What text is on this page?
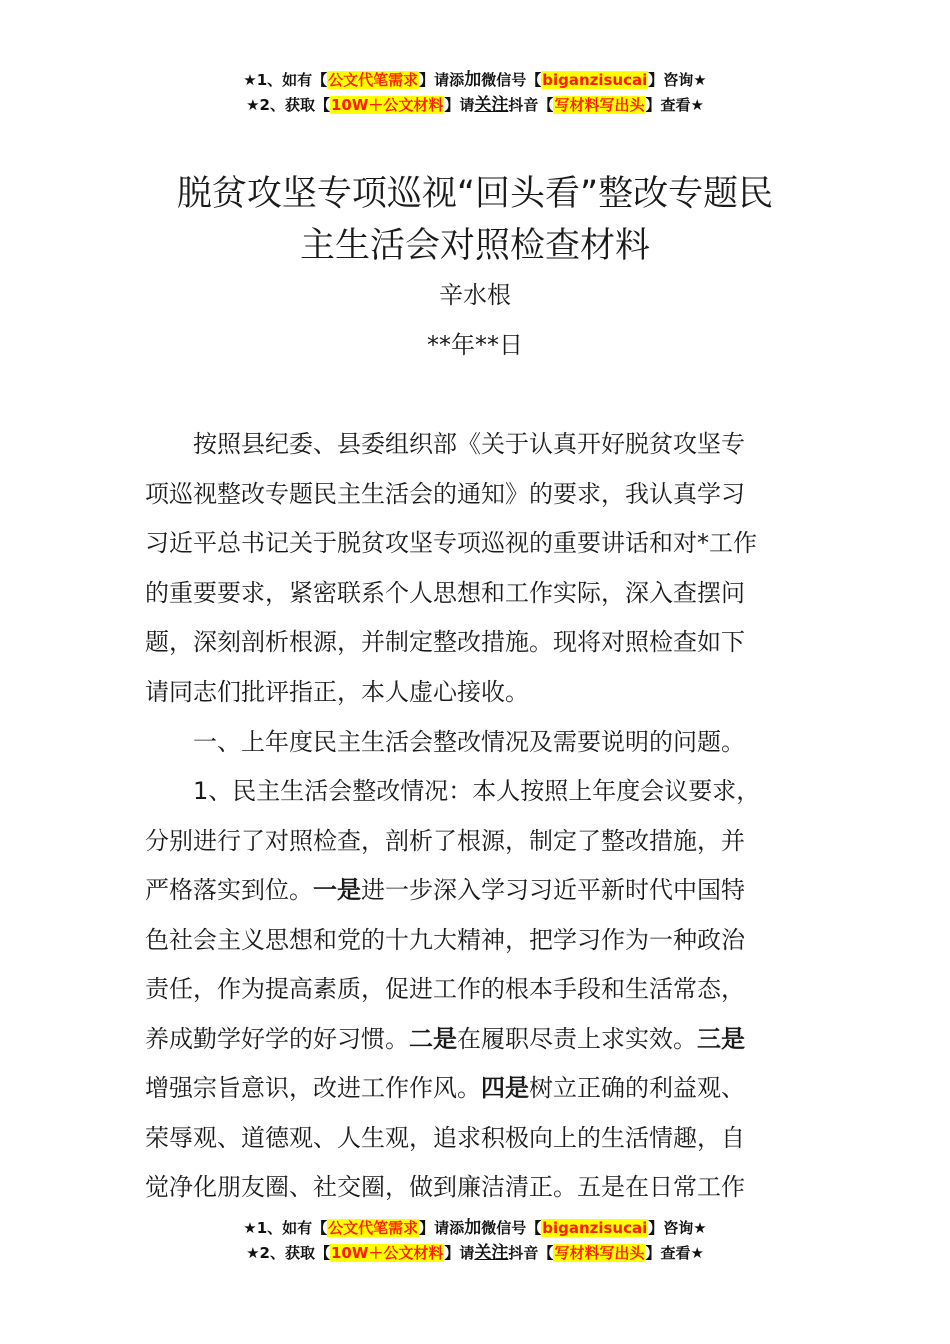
★1、如有【公文代笔需求】请添加微信号【biganzisucai】咨询★
★2、获取【10W＋公文材料】请关注抖音【写材料写出头】查看★
脱贫攻坚专项巡视“回头看”整改专题民
主生活会对照检查材料
辛水根
**年**日
　　按照县纪委、县委组织部《关于认真开好脱贫攻坚专
项巡视整改专题民主生活会的通知》的要求，我认真学习
习近平总书记关于脱贫攻坚专项巡视的重要讲话和对*工作
的重要要求，紧密联系个人思想和工作实际，深入查摆问
题，深刻剖析根源，并制定整改措施。现将对照检查如下
请同志们批评指正，本人虚心接收。
　　一、上年度民主生活会整改情况及需要说明的问题。
　　1、民主生活会整改情况：本人按照上年度会议要求，
分别进行了对照检查，剖析了根源，制定了整改措施，并
严格落实到位。一是进一步深入学习习近平新时代中国特
色社会主义思想和党的十九大精神，把学习作为一种政治
责任，作为提高素质，促进工作的根本手段和生活常态，
养成勤学好学的好习惯。二是在履职尽责上求实效。三是
增强宗旨意识，改进工作作风。四是树立正确的利益观、
荣辱观、道德观、人生观，追求积极向上的生活情趣，自
觉净化朋友圈、社交圈，做到廉洁清正。五是在日常工作
★1、如有【公文代笔需求】请添加微信号【biganzisucai】咨询★
★2、获取【10W＋公文材料】请关注抖音【写材料写出头】查看★
